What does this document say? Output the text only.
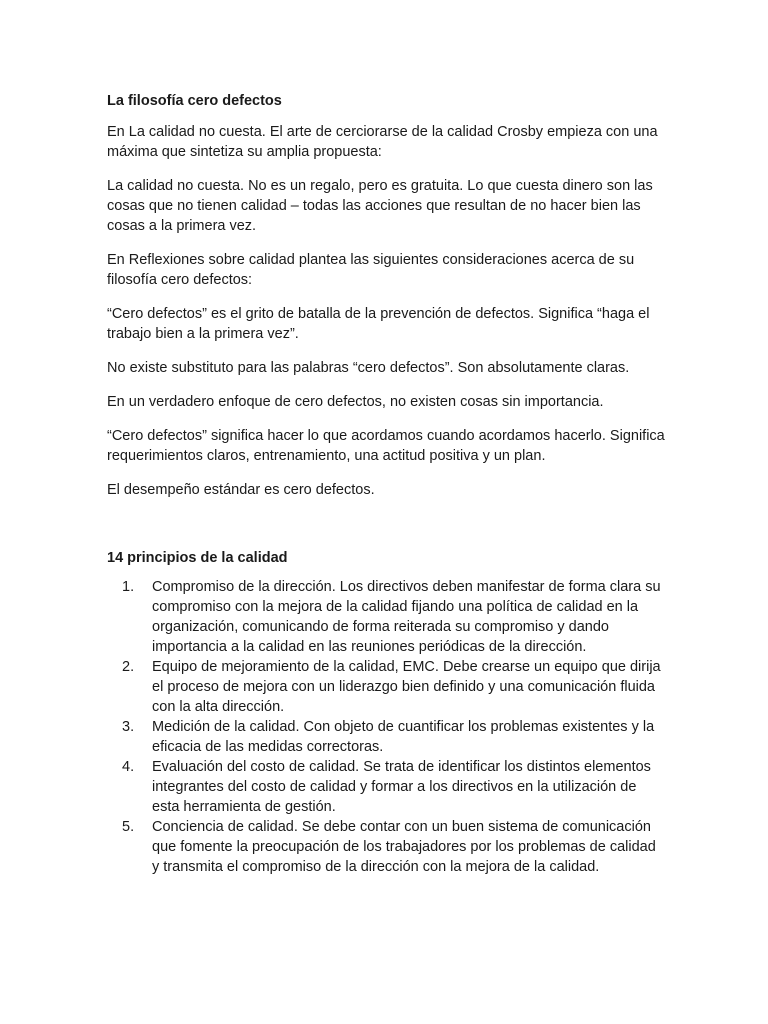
La filosofía cero defectos

En La calidad no cuesta. El arte de cerciorarse de la calidad Crosby empieza con una máxima que sintetiza su amplia propuesta:

La calidad no cuesta. No es un regalo, pero es gratuita. Lo que cuesta dinero son las cosas que no tienen calidad – todas las acciones que resultan de no hacer bien las cosas a la primera vez.

En Reflexiones sobre calidad plantea las siguientes consideraciones acerca de su filosofía cero defectos:

“Cero defectos” es el grito de batalla de la prevención de defectos. Significa “haga el trabajo bien a la primera vez”.

No existe substituto para las palabras “cero defectos”. Son absolutamente claras.

En un verdadero enfoque de cero defectos, no existen cosas sin importancia.

“Cero defectos” significa hacer lo que acordamos cuando acordamos hacerlo. Significa requerimientos claros, entrenamiento, una actitud positiva y un plan.

El desempeño estándar es cero defectos.

14 principios de la calidad
1.	Compromiso de la dirección. Los directivos deben manifestar de forma clara su compromiso con la mejora de la calidad fijando una política de calidad en la organización, comunicando de forma reiterada su compromiso y dando importancia a la calidad en las reuniones periódicas de la dirección.
2.	Equipo de mejoramiento de la calidad, EMC. Debe crearse un equipo que dirija el proceso de mejora con un liderazgo bien definido y una comunicación fluida con la alta dirección.
3.	Medición de la calidad. Con objeto de cuantificar los problemas existentes y la eficacia de las medidas correctoras.
4.	Evaluación del costo de calidad. Se trata de identificar los distintos elementos integrantes del costo de calidad y formar a los directivos en la utilización de esta herramienta de gestión.
5.	Conciencia de calidad. Se debe contar con un buen sistema de comunicación que fomente la preocupación de los trabajadores por los problemas de calidad y transmita el compromiso de la dirección con la mejora de la calidad.
